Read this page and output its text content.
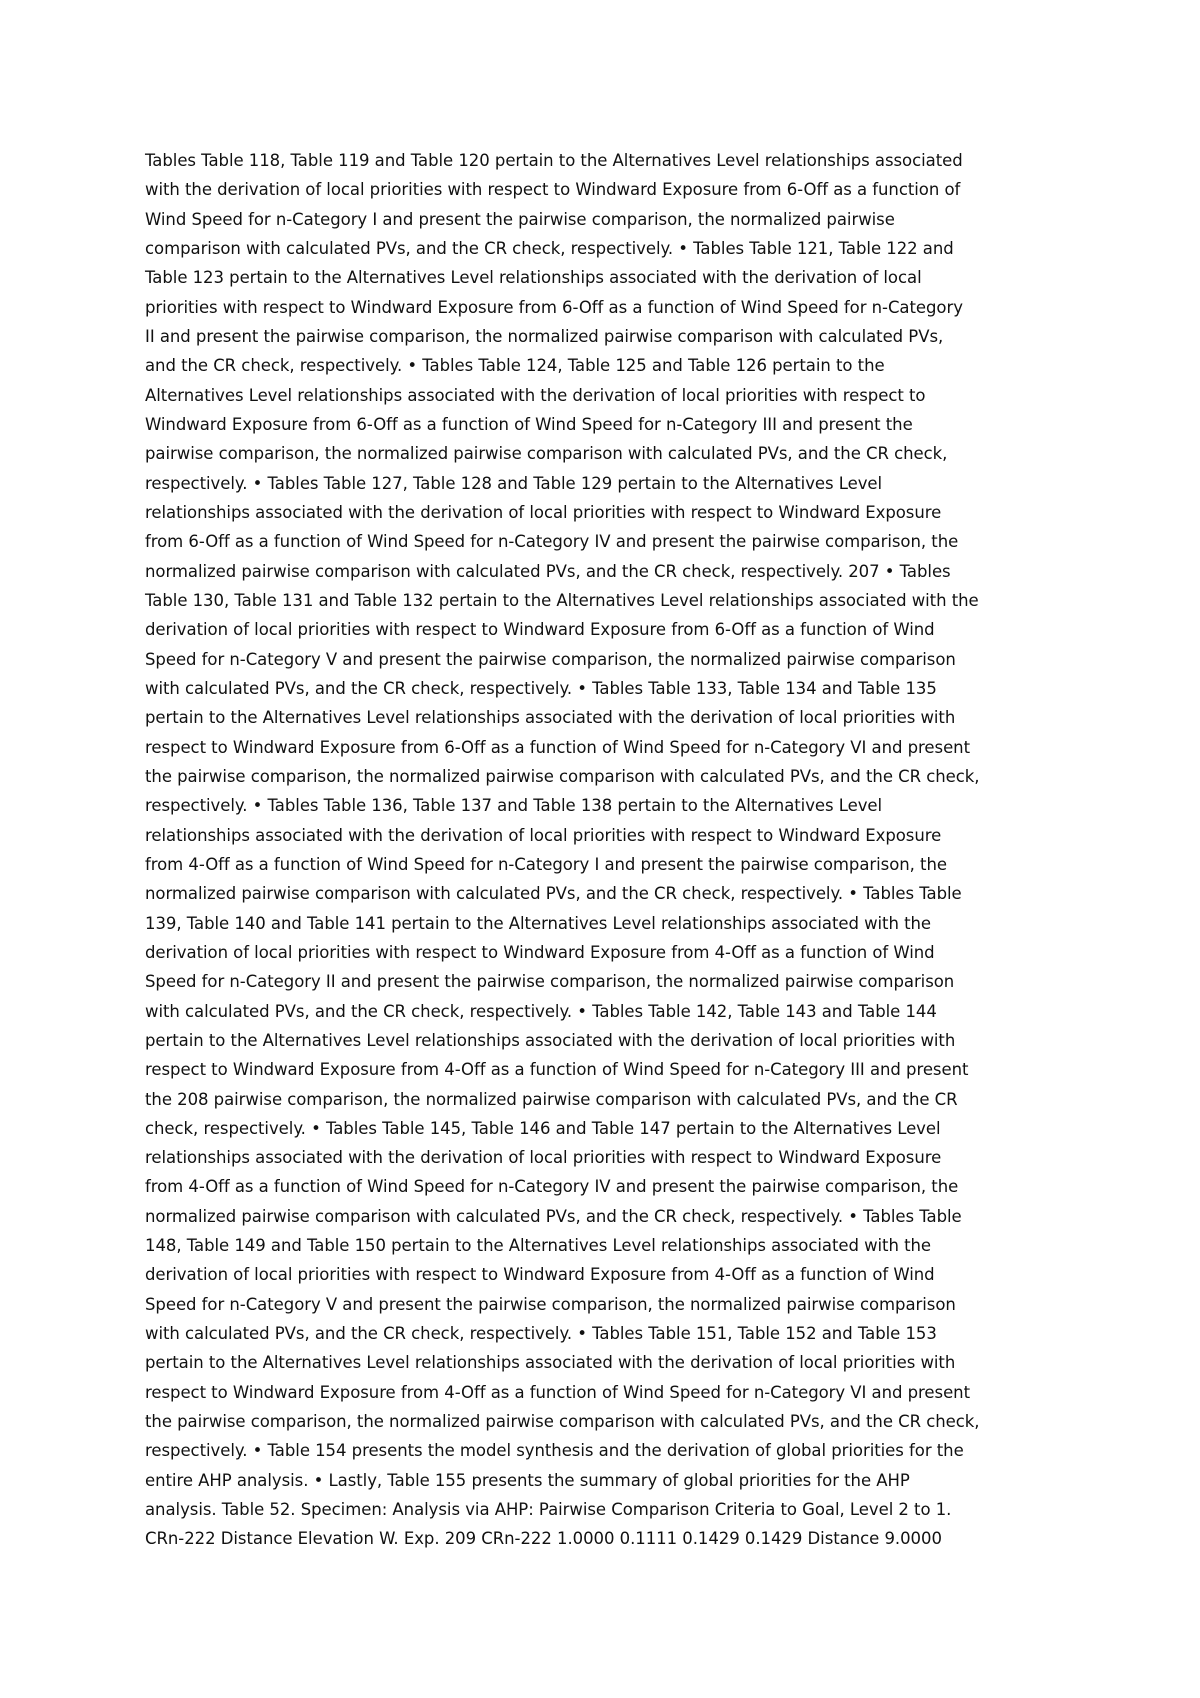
Tables Table 118, Table 119 and Table 120 pertain to the Alternatives Level relationships associated
with the derivation of local priorities with respect to Windward Exposure from 6-Off as a function of
Wind Speed for n-Category I and present the pairwise comparison, the normalized pairwise
comparison with calculated PVs, and the CR check, respectively. • Tables Table 121, Table 122 and
Table 123 pertain to the Alternatives Level relationships associated with the derivation of local
priorities with respect to Windward Exposure from 6-Off as a function of Wind Speed for n-Category
II and present the pairwise comparison, the normalized pairwise comparison with calculated PVs,
and the CR check, respectively. • Tables Table 124, Table 125 and Table 126 pertain to the
Alternatives Level relationships associated with the derivation of local priorities with respect to
Windward Exposure from 6-Off as a function of Wind Speed for n-Category III and present the
pairwise comparison, the normalized pairwise comparison with calculated PVs, and the CR check,
respectively. • Tables Table 127, Table 128 and Table 129 pertain to the Alternatives Level
relationships associated with the derivation of local priorities with respect to Windward Exposure
from 6-Off as a function of Wind Speed for n-Category IV and present the pairwise comparison, the
normalized pairwise comparison with calculated PVs, and the CR check, respectively. 207 • Tables
Table 130, Table 131 and Table 132 pertain to the Alternatives Level relationships associated with the
derivation of local priorities with respect to Windward Exposure from 6-Off as a function of Wind
Speed for n-Category V and present the pairwise comparison, the normalized pairwise comparison
with calculated PVs, and the CR check, respectively. • Tables Table 133, Table 134 and Table 135
pertain to the Alternatives Level relationships associated with the derivation of local priorities with
respect to Windward Exposure from 6-Off as a function of Wind Speed for n-Category VI and present
the pairwise comparison, the normalized pairwise comparison with calculated PVs, and the CR check,
respectively. • Tables Table 136, Table 137 and Table 138 pertain to the Alternatives Level
relationships associated with the derivation of local priorities with respect to Windward Exposure
from 4-Off as a function of Wind Speed for n-Category I and present the pairwise comparison, the
normalized pairwise comparison with calculated PVs, and the CR check, respectively. • Tables Table
139, Table 140 and Table 141 pertain to the Alternatives Level relationships associated with the
derivation of local priorities with respect to Windward Exposure from 4-Off as a function of Wind
Speed for n-Category II and present the pairwise comparison, the normalized pairwise comparison
with calculated PVs, and the CR check, respectively. • Tables Table 142, Table 143 and Table 144
pertain to the Alternatives Level relationships associated with the derivation of local priorities with
respect to Windward Exposure from 4-Off as a function of Wind Speed for n-Category III and present
the 208 pairwise comparison, the normalized pairwise comparison with calculated PVs, and the CR
check, respectively. • Tables Table 145, Table 146 and Table 147 pertain to the Alternatives Level
relationships associated with the derivation of local priorities with respect to Windward Exposure
from 4-Off as a function of Wind Speed for n-Category IV and present the pairwise comparison, the
normalized pairwise comparison with calculated PVs, and the CR check, respectively. • Tables Table
148, Table 149 and Table 150 pertain to the Alternatives Level relationships associated with the
derivation of local priorities with respect to Windward Exposure from 4-Off as a function of Wind
Speed for n-Category V and present the pairwise comparison, the normalized pairwise comparison
with calculated PVs, and the CR check, respectively. • Tables Table 151, Table 152 and Table 153
pertain to the Alternatives Level relationships associated with the derivation of local priorities with
respect to Windward Exposure from 4-Off as a function of Wind Speed for n-Category VI and present
the pairwise comparison, the normalized pairwise comparison with calculated PVs, and the CR check,
respectively. • Table 154 presents the model synthesis and the derivation of global priorities for the
entire AHP analysis. • Lastly, Table 155 presents the summary of global priorities for the AHP
analysis. Table 52. Specimen: Analysis via AHP: Pairwise Comparison Criteria to Goal, Level 2 to 1.
CRn-222 Distance Elevation W. Exp. 209 CRn-222 1.0000 0.1111 0.1429 0.1429 Distance 9.0000
